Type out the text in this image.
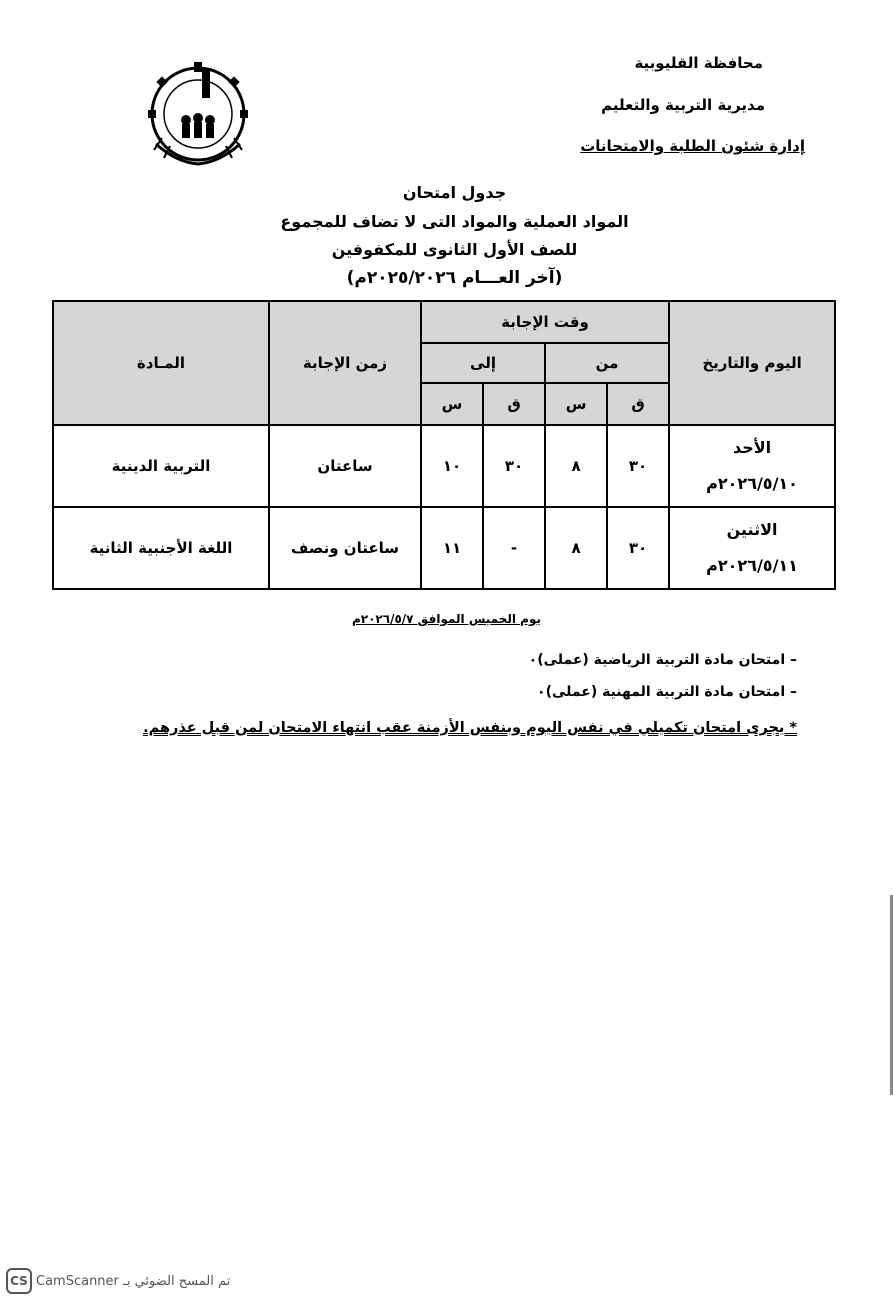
محافظة القليوبية
مديرية التربية والتعليم
إدارة شئون الطلبة والامتحانات
جدول امتحان
المواد العملية والمواد التى لا تضاف للمجموع
للصف الأول الثانوى للمكفوفين
(آخر العـــام ٢٠٢٥/٢٠٢٦م)
اليوم والتاريخ	وقت الإجابة				زمن الإجابة	المـادة
	من		إلى			
	ق	س	ق	س		

الأحد
٢٠٢٦/٥/١٠م	٣٠	٨	٣٠	١٠	ساعتان	التربية الدينية

الاثنين
٢٠٢٦/٥/١١م	٣٠	٨	-	١١	ساعتان ونصف	اللغة الأجنبية الثانية
يوم الخميس الموافق ٢٠٢٦/٥/٧م
– امتحان مادة التربية الرياضية (عملى)٠
– امتحان مادة التربية المهنية (عملى)٠
* يجرى امتحان تكميلي في نفس اليوم وبنفس الأزمنة عقب انتهاء الامتحان لمن قبل عذرهم.
CS تم المسح الضوئي بـ CamScanner
